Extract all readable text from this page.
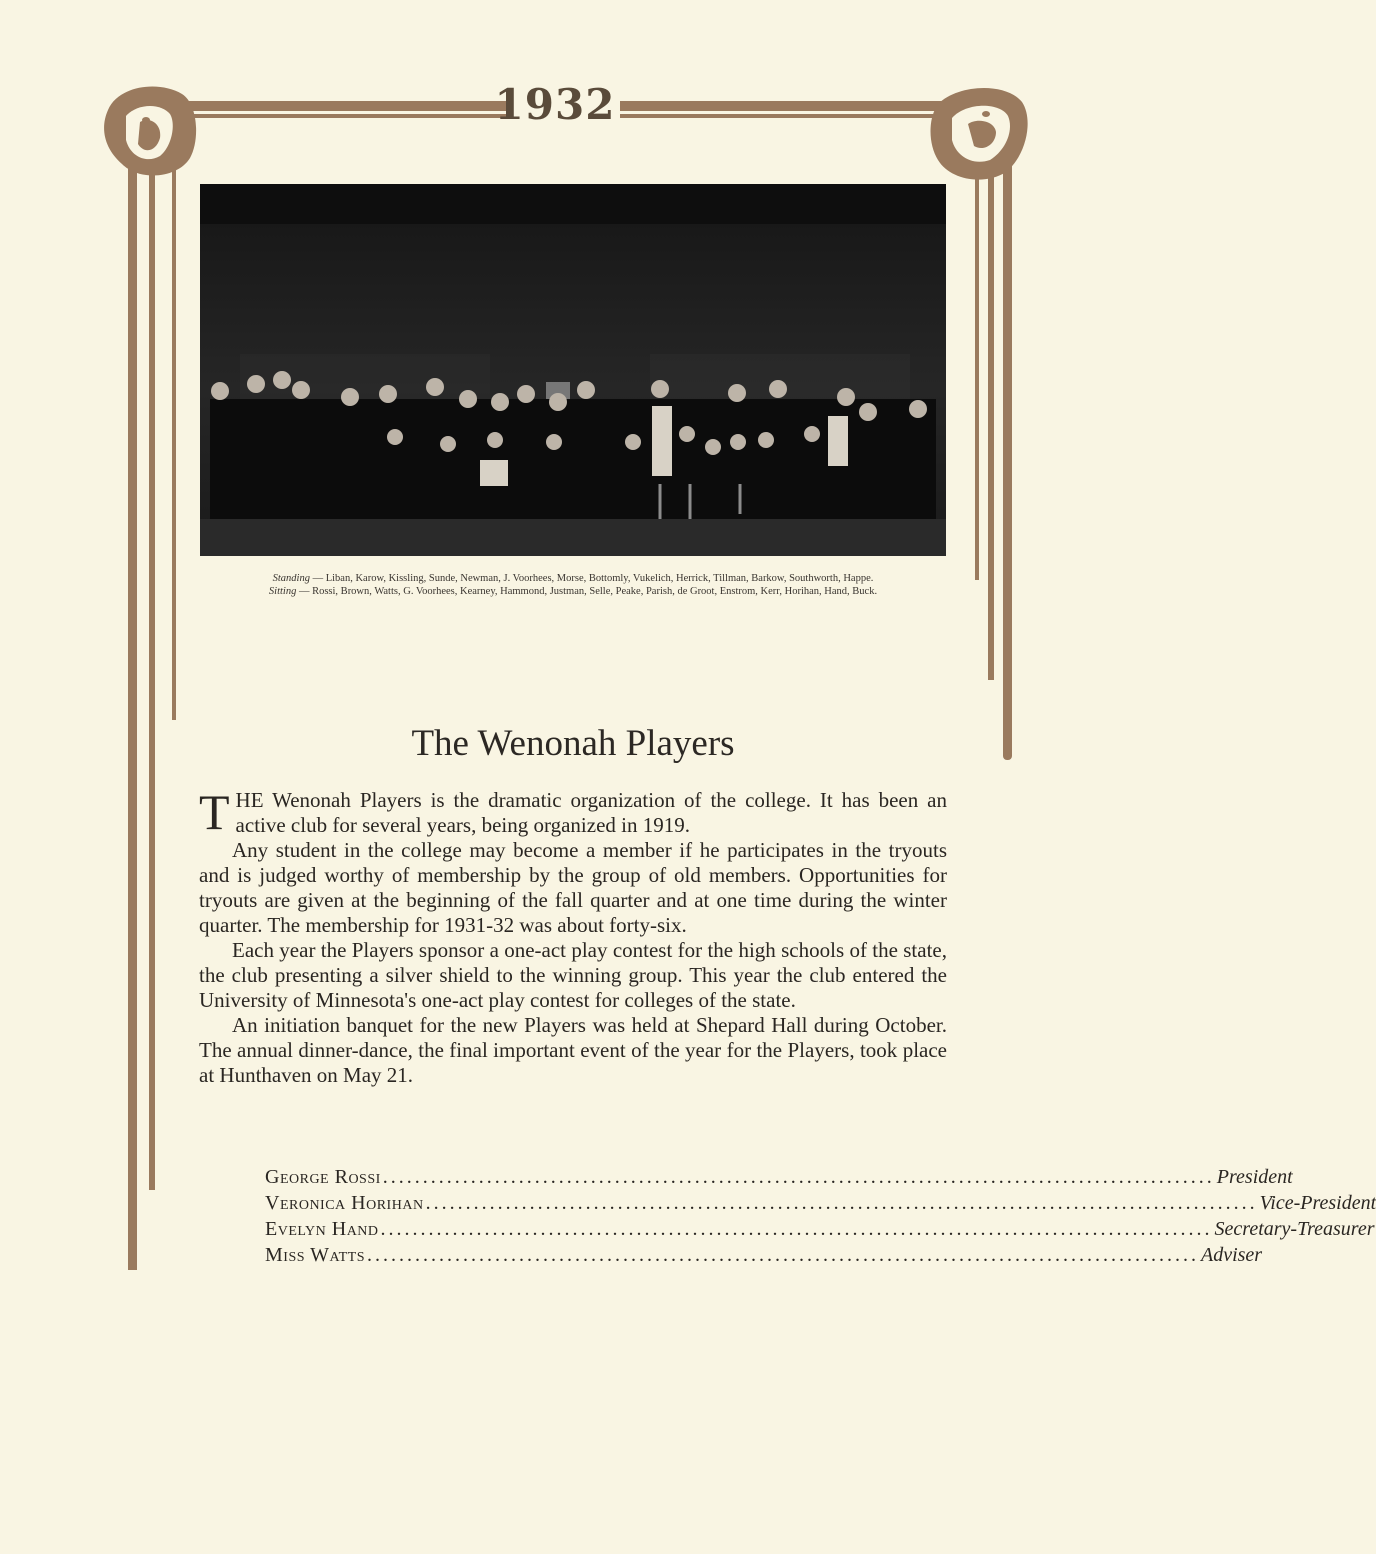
1932
Standing — Liban, Karow, Kissling, Sunde, Newman, J. Voorhees, Morse, Bottomly, Vukelich, Herrick, Tillman, Barkow, Southworth, Happe.
Sitting — Rossi, Brown, Watts, G. Voorhees, Kearney, Hammond, Justman, Selle, Peake, Parish, de Groot, Enstrom, Kerr, Horihan, Hand, Buck.
The Wenonah Players

THE Wenonah Players is the dramatic organization of the college. It has been an active club for several years, being organized in 1919.

Any student in the college may become a member if he participates in the tryouts and is judged worthy of membership by the group of old members. Opportunities for tryouts are given at the beginning of the fall quarter and at one time during the winter quarter. The membership for 1931-32 was about forty-six.

Each year the Players sponsor a one-act play contest for the high schools of the state, the club presenting a silver shield to the winning group. This year the club entered the University of Minnesota's one-act play contest for colleges of the state.

An initiation banquet for the new Players was held at Shepard Hall during October. The annual dinner-dance, the final important event of the year for the Players, took place at Hunthaven on May 21.

George Rossi ........................................................................................................ President
Veronica Horihan ........................................................................................................ Vice-President
Evelyn Hand ........................................................................................................ Secretary-Treasurer
Miss Watts ........................................................................................................ Adviser
